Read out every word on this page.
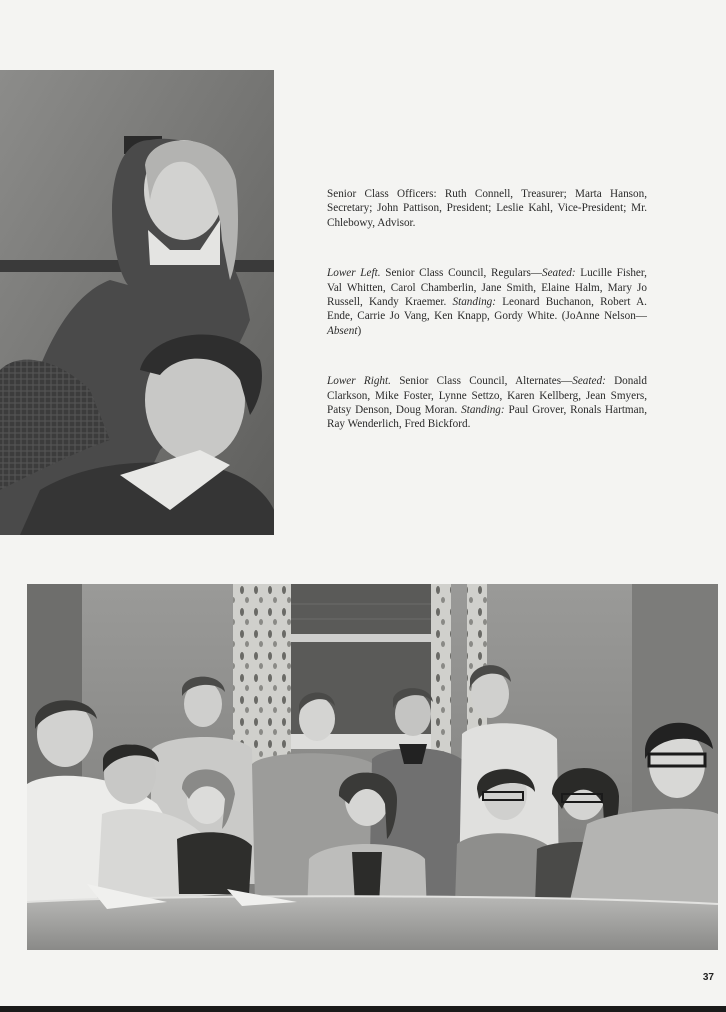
Senior Class Officers: Ruth Connell, Treasurer; Marta Hanson, Secretary; John Pattison, President; Leslie Kahl, Vice-President; Mr. Chlebowy, Advisor.

Lower Left. Senior Class Council, Regulars—Seated: Lucille Fisher, Val Whitten, Carol Chamberlin, Jane Smith, Elaine Halm, Mary Jo Russell, Kandy Kraemer. Standing: Leonard Buchanon, Robert A. Ende, Carrie Jo Vang, Ken Knapp, Gordy White. (JoAnne Nelson—Absent)

Lower Right. Senior Class Council, Alternates—Seated: Donald Clarkson, Mike Foster, Lynne Settzo, Karen Kellberg, Jean Smyers, Patsy Denson, Doug Moran. Standing: Paul Grover, Ronals Hartman, Ray Wenderlich, Fred Bickford.

37
